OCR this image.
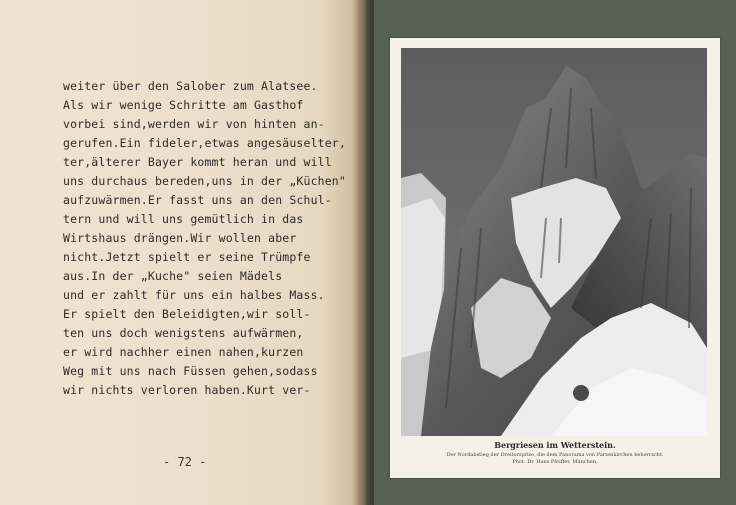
weiter über den Salober zum Alatsee.
Als wir wenige Schritte am Gasthof
vorbei sind,werden wir von hinten an-
gerufen.Ein fideler,etwas angesäuselter,
ter,älterer Bayer kommt heran und will
uns durchaus bereden,uns in der „Küchen"
aufzuwärmen.Er fasst uns an den Schul-
tern und will uns gemütlich in das
Wirtshaus drängen.Wir wollen aber
nicht.Jetzt spielt er seine Trümpfe
aus.In der „Kuche" seien Mädels
und er zahlt für uns ein halbes Mass.
Er spielt den Beleidigten,wir soll-
ten uns doch wenigstens aufwärmen,
er wird nachher einen nahen,kurzen
Weg mit uns nach Füssen gehen,sodass
wir nichts verloren haben.Kurt ver-
- 72 -
Bergriesen im Wetterstein.
Der Nordabstieg der Dreitorspitze, die dem Panorama von Partenkirchen beherrscht.
Phot. Dr. Hans Pfeiffer, München.
